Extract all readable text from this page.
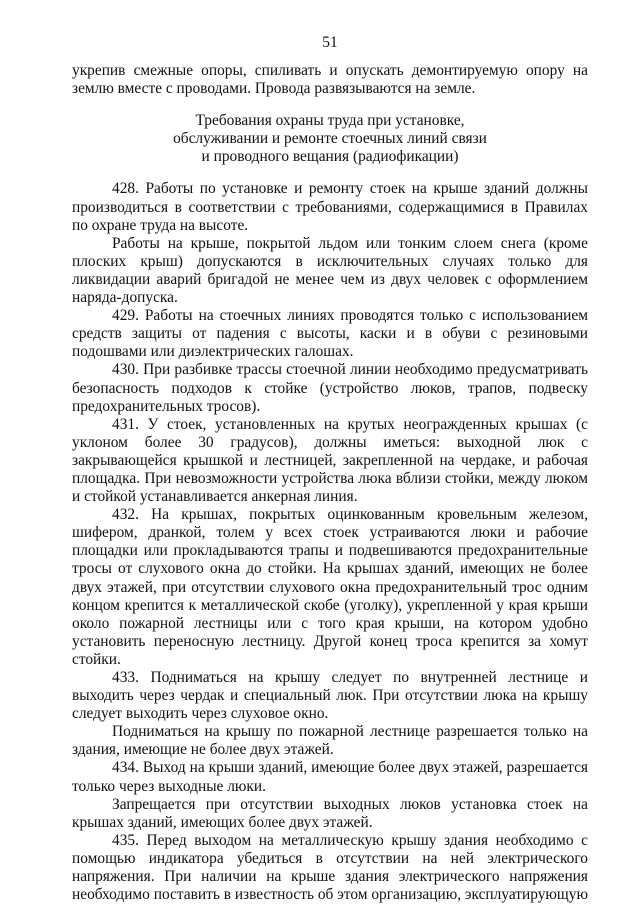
51

укрепив смежные опоры, спиливать и опускать демонтируемую опору на землю вместе с проводами. Провода развязываются на земле.

Требования охраны труда при установке,
обслуживании и ремонте стоечных линий связи
и проводного вещания (радиофикации)

428. Работы по установке и ремонту стоек на крыше зданий должны производиться в соответствии с требованиями, содержащимися в Правилах по охране труда на высоте.

Работы на крыше, покрытой льдом или тонким слоем снега (кроме плоских крыш) допускаются в исключительных случаях только для ликвидации аварий бригадой не менее чем из двух человек с оформлением наряда-допуска.

429. Работы на стоечных линиях проводятся только с использованием средств защиты от падения с высоты, каски и в обуви с резиновыми подошвами или диэлектрических галошах.

430. При разбивке трассы стоечной линии необходимо предусматривать безопасность подходов к стойке (устройство люков, трапов, подвеску предохранительных тросов).

431. У стоек, установленных на крутых неогражденных крышах (с уклоном более 30 градусов), должны иметься: выходной люк с закрывающейся крышкой и лестницей, закрепленной на чердаке, и рабочая площадка. При невозможности устройства люка вблизи стойки, между люком и стойкой устанавливается анкерная линия.

432. На крышах, покрытых оцинкованным кровельным железом, шифером, дранкой, толем у всех стоек устраиваются люки и рабочие площадки или прокладываются трапы и подвешиваются предохранительные тросы от слухового окна до стойки. На крышах зданий, имеющих не более двух этажей, при отсутствии слухового окна предохранительный трос одним концом крепится к металлической скобе (уголку), укрепленной у края крыши около пожарной лестницы или с того края крыши, на котором удобно установить переносную лестницу. Другой конец троса крепится за хомут стойки.

433. Подниматься на крышу следует по внутренней лестнице и выходить через чердак и специальный люк. При отсутствии люка на крышу следует выходить через слуховое окно.

Подниматься на крышу по пожарной лестнице разрешается только на здания, имеющие не более двух этажей.

434. Выход на крыши зданий, имеющие более двух этажей, разрешается только через выходные люки.

Запрещается при отсутствии выходных люков установка стоек на крышах зданий, имеющих более двух этажей.

435. Перед выходом на металлическую крышу здания необходимо с помощью индикатора убедиться в отсутствии на ней электрического напряжения. При наличии на крыше здания электрического напряжения необходимо поставить в известность об этом организацию, эксплуатирующую
